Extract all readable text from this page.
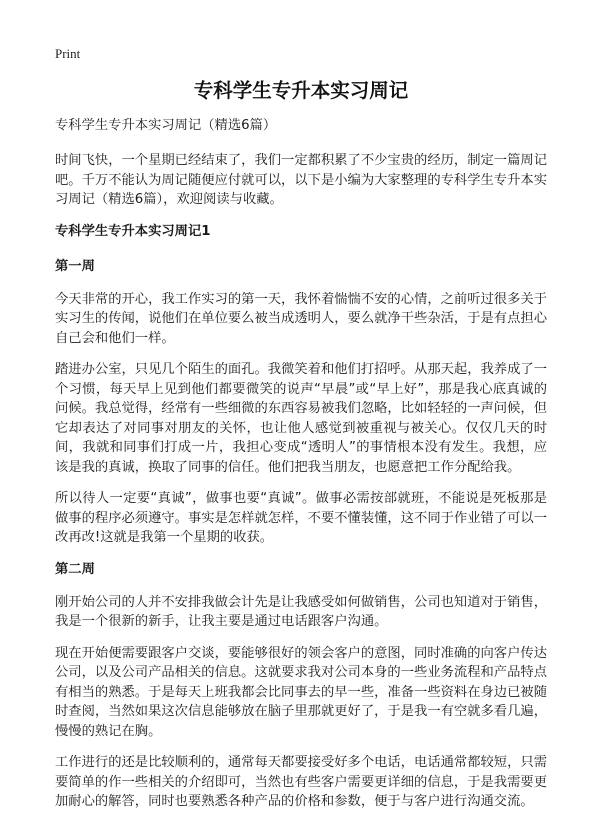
Print
专科学生专升本实习周记
专科学生专升本实习周记（精选6篇）

时间飞快，一个星期已经结束了，我们一定都积累了不少宝贵的经历，制定一篇周记吧。千万不能认为周记随便应付就可以，以下是小编为大家整理的专科学生专升本实习周记（精选6篇），欢迎阅读与收藏。

专科学生专升本实习周记1
第一周

今天非常的开心，我工作实习的第一天，我怀着惴惴不安的心情，之前听过很多关于实习生的传闻，说他们在单位要么被当成透明人，要么就净干些杂活，于是有点担心自己会和他们一样。

踏进办公室，只见几个陌生的面孔。我微笑着和他们打招呼。从那天起，我养成了一个习惯，每天早上见到他们都要微笑的说声“早晨”或“早上好”，那是我心底真诚的问候。我总觉得，经常有一些细微的东西容易被我们忽略，比如轻轻的一声问候，但它却表达了对同事对朋友的关怀，也让他人感觉到被重视与被关心。仅仅几天的时间，我就和同事们打成一片，我担心变成“透明人”的事情根本没有发生。我想，应该是我的真诚，换取了同事的信任。他们把我当朋友，也愿意把工作分配给我。

所以待人一定要“真诚”，做事也要“真诚”。做事必需按部就班，不能说是死板那是做事的程序必须遵守。事实是怎样就怎样，不要不懂装懂，这不同于作业错了可以一改再改!这就是我第一个星期的收获。

第二周

刚开始公司的人并不安排我做会计先是让我感受如何做销售，公司也知道对于销售，我是一个很新的新手，让我主要是通过电话跟客户沟通。

现在开始便需要跟客户交谈，要能够很好的领会客户的意图，同时准确的向客户传达公司，以及公司产品相关的信息。这就要求我对公司本身的一些业务流程和产品特点有相当的熟悉。于是每天上班我都会比同事去的早一些，准备一些资料在身边已被随时查阅，当然如果这次信息能够放在脑子里那就更好了，于是我一有空就多看几遍，慢慢的熟记在胸。

工作进行的还是比较顺利的，通常每天都要接受好多个电话，电话通常都较短，只需要简单的作一些相关的介绍即可，当然也有些客户需要更详细的信息，于是我需要更加耐心的解答，同时也要熟悉各种产品的价格和参数，便于与客户进行沟通交流。
